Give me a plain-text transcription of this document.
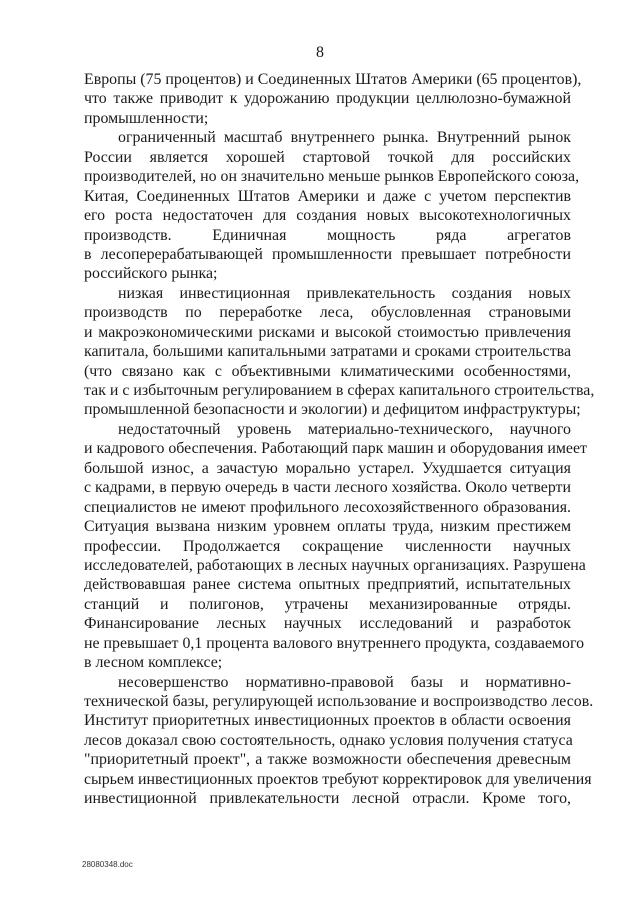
8

Европы (75 процентов) и Соединенных Штатов Америки (65 процентов),
что также приводит к удорожанию продукции целлюлозно-бумажной
промышленности;

ограниченный масштаб внутреннего рынка. Внутренний рынок
России является хорошей стартовой точкой для российских
производителей, но он значительно меньше рынков Европейского союза,
Китая, Соединенных Штатов Америки и даже с учетом перспектив
его роста недостаточен для создания новых высокотехнологичных
производств. Единичная мощность ряда агрегатов
в лесоперерабатывающей промышленности превышает потребности
российского рынка;

низкая инвестиционная привлекательность создания новых
производств по переработке леса, обусловленная страновыми
и макроэкономическими рисками и высокой стоимостью привлечения
капитала, большими капитальными затратами и сроками строительства
(что связано как с объективными климатическими особенностями,
так и с избыточным регулированием в сферах капитального строительства,
промышленной безопасности и экологии) и дефицитом инфраструктуры;

недостаточный уровень материально-технического, научного
и кадрового обеспечения. Работающий парк машин и оборудования имеет
большой износ, а зачастую морально устарел. Ухудшается ситуация
с кадрами, в первую очередь в части лесного хозяйства. Около четверти
специалистов не имеют профильного лесохозяйственного образования.
Ситуация вызвана низким уровнем оплаты труда, низким престижем
профессии. Продолжается сокращение численности научных
исследователей, работающих в лесных научных организациях. Разрушена
действовавшая ранее система опытных предприятий, испытательных
станций и полигонов, утрачены механизированные отряды.
Финансирование лесных научных исследований и разработок
не превышает 0,1 процента валового внутреннего продукта, создаваемого
в лесном комплексе;

несовершенство нормативно-правовой базы и нормативно-
технической базы, регулирующей использование и воспроизводство лесов.
Институт приоритетных инвестиционных проектов в области освоения
лесов доказал свою состоятельность, однако условия получения статуса
"приоритетный проект", а также возможности обеспечения древесным
сырьем инвестиционных проектов требуют корректировок для увеличения
инвестиционной привлекательности лесной отрасли. Кроме того,

28080348.doc
